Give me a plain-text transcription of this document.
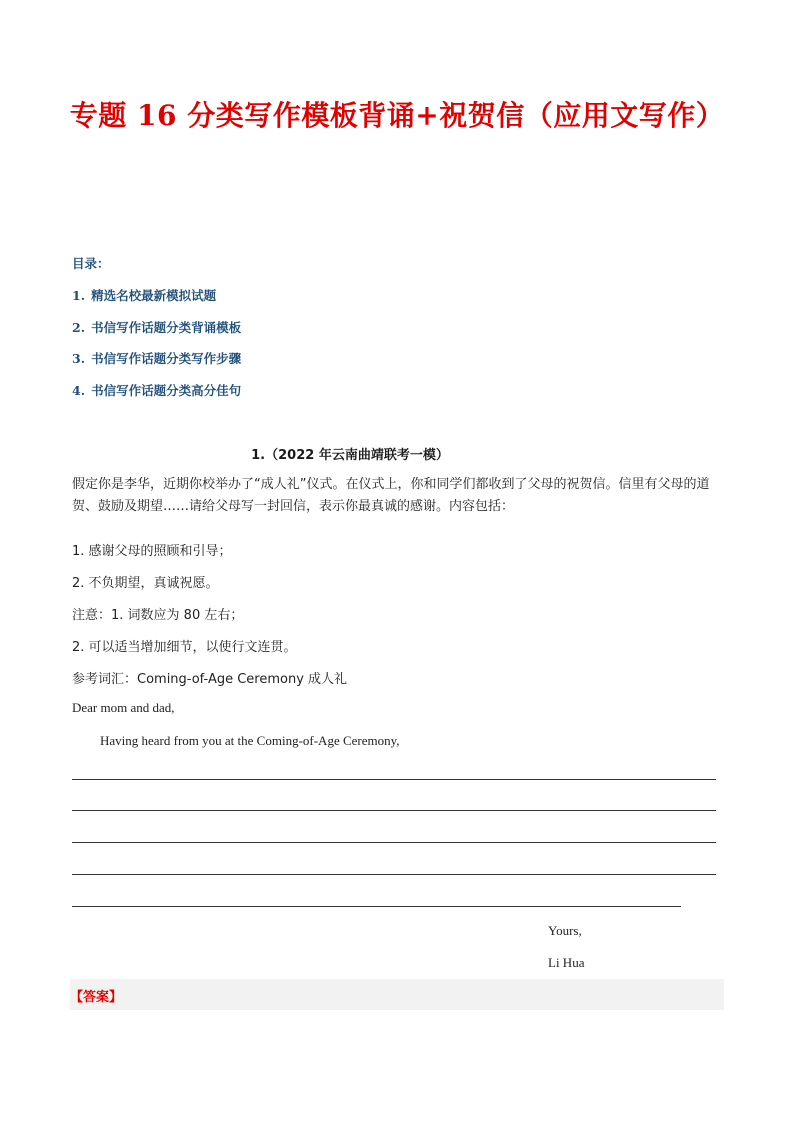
专题 16 分类写作模板背诵+祝贺信（应用文写作）
目录：
1. 精选名校最新模拟试题
2. 书信写作话题分类背诵模板
3. 书信写作话题分类写作步骤
4. 书信写作话题分类高分佳句
1.（2022 年云南曲靖联考一模）
假定你是李华，近期你校举办了“成人礼”仪式。在仪式上，你和同学们都收到了父母的祝贺信。信里有父母的道贺、鼓励及期望……请给父母写一封回信，表示你最真诚的感谢。内容包括：
1. 感谢父母的照顾和引导；
2. 不负期望，真诚祝愿。
注意：1. 词数应为 80 左右；
2. 可以适当增加细节，以使行文连贯。
参考词汇：Coming-of-Age Ceremony 成人礼
Dear mom and dad,
Having heard from you at the Coming-of-Age Ceremony,
Yours,
Li Hua
【答案】
